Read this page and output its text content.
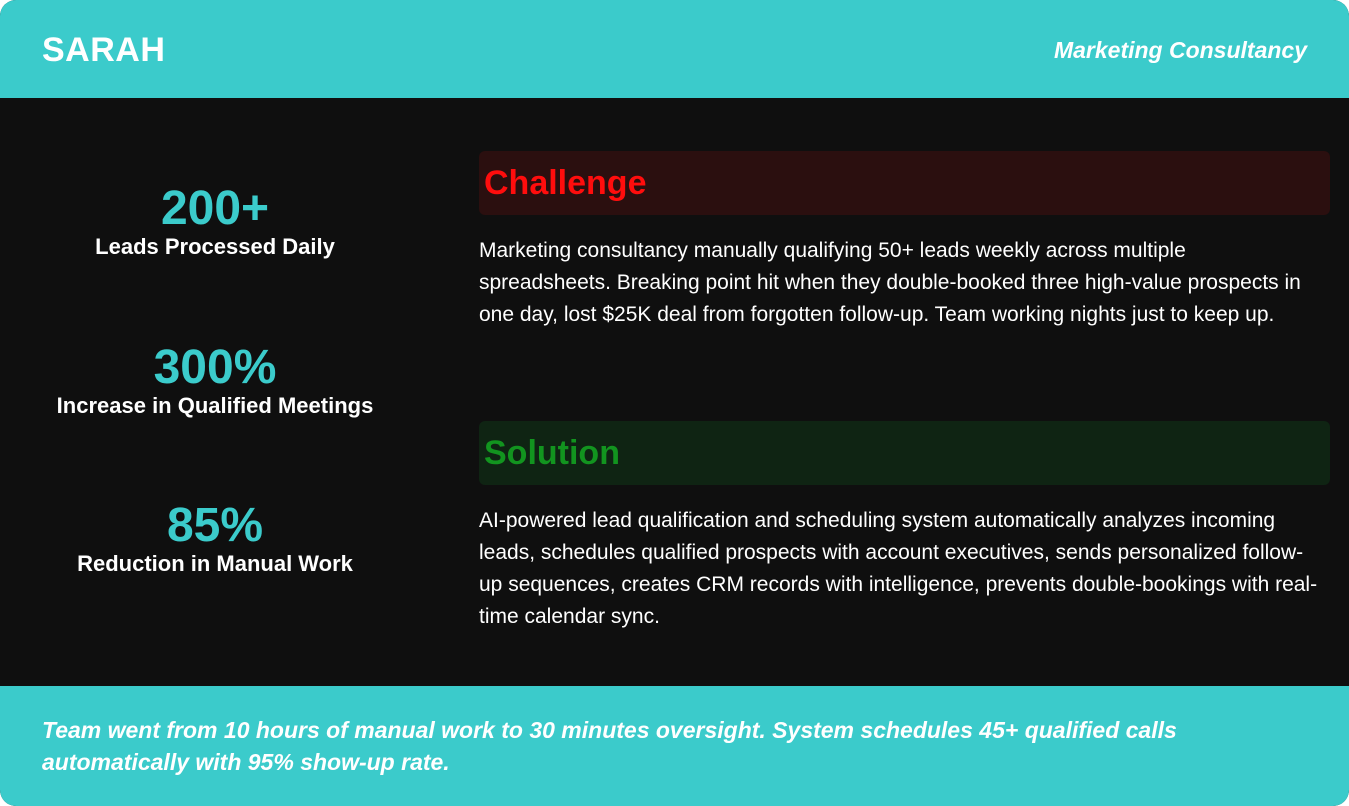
SARAH	Marketing Consultancy
200+
Leads Processed Daily
300%
Increase in Qualified Meetings
85%
Reduction in Manual Work
Challenge
Marketing consultancy manually qualifying 50+ leads weekly across multiple spreadsheets. Breaking point hit when they double-booked three high-value prospects in one day, lost $25K deal from forgotten follow-up. Team working nights just to keep up.
Solution
AI-powered lead qualification and scheduling system automatically analyzes incoming leads, schedules qualified prospects with account executives, sends personalized follow-up sequences, creates CRM records with intelligence, prevents double-bookings with real-time calendar sync.
Team went from 10 hours of manual work to 30 minutes oversight. System schedules 45+ qualified calls automatically with 95% show-up rate.
